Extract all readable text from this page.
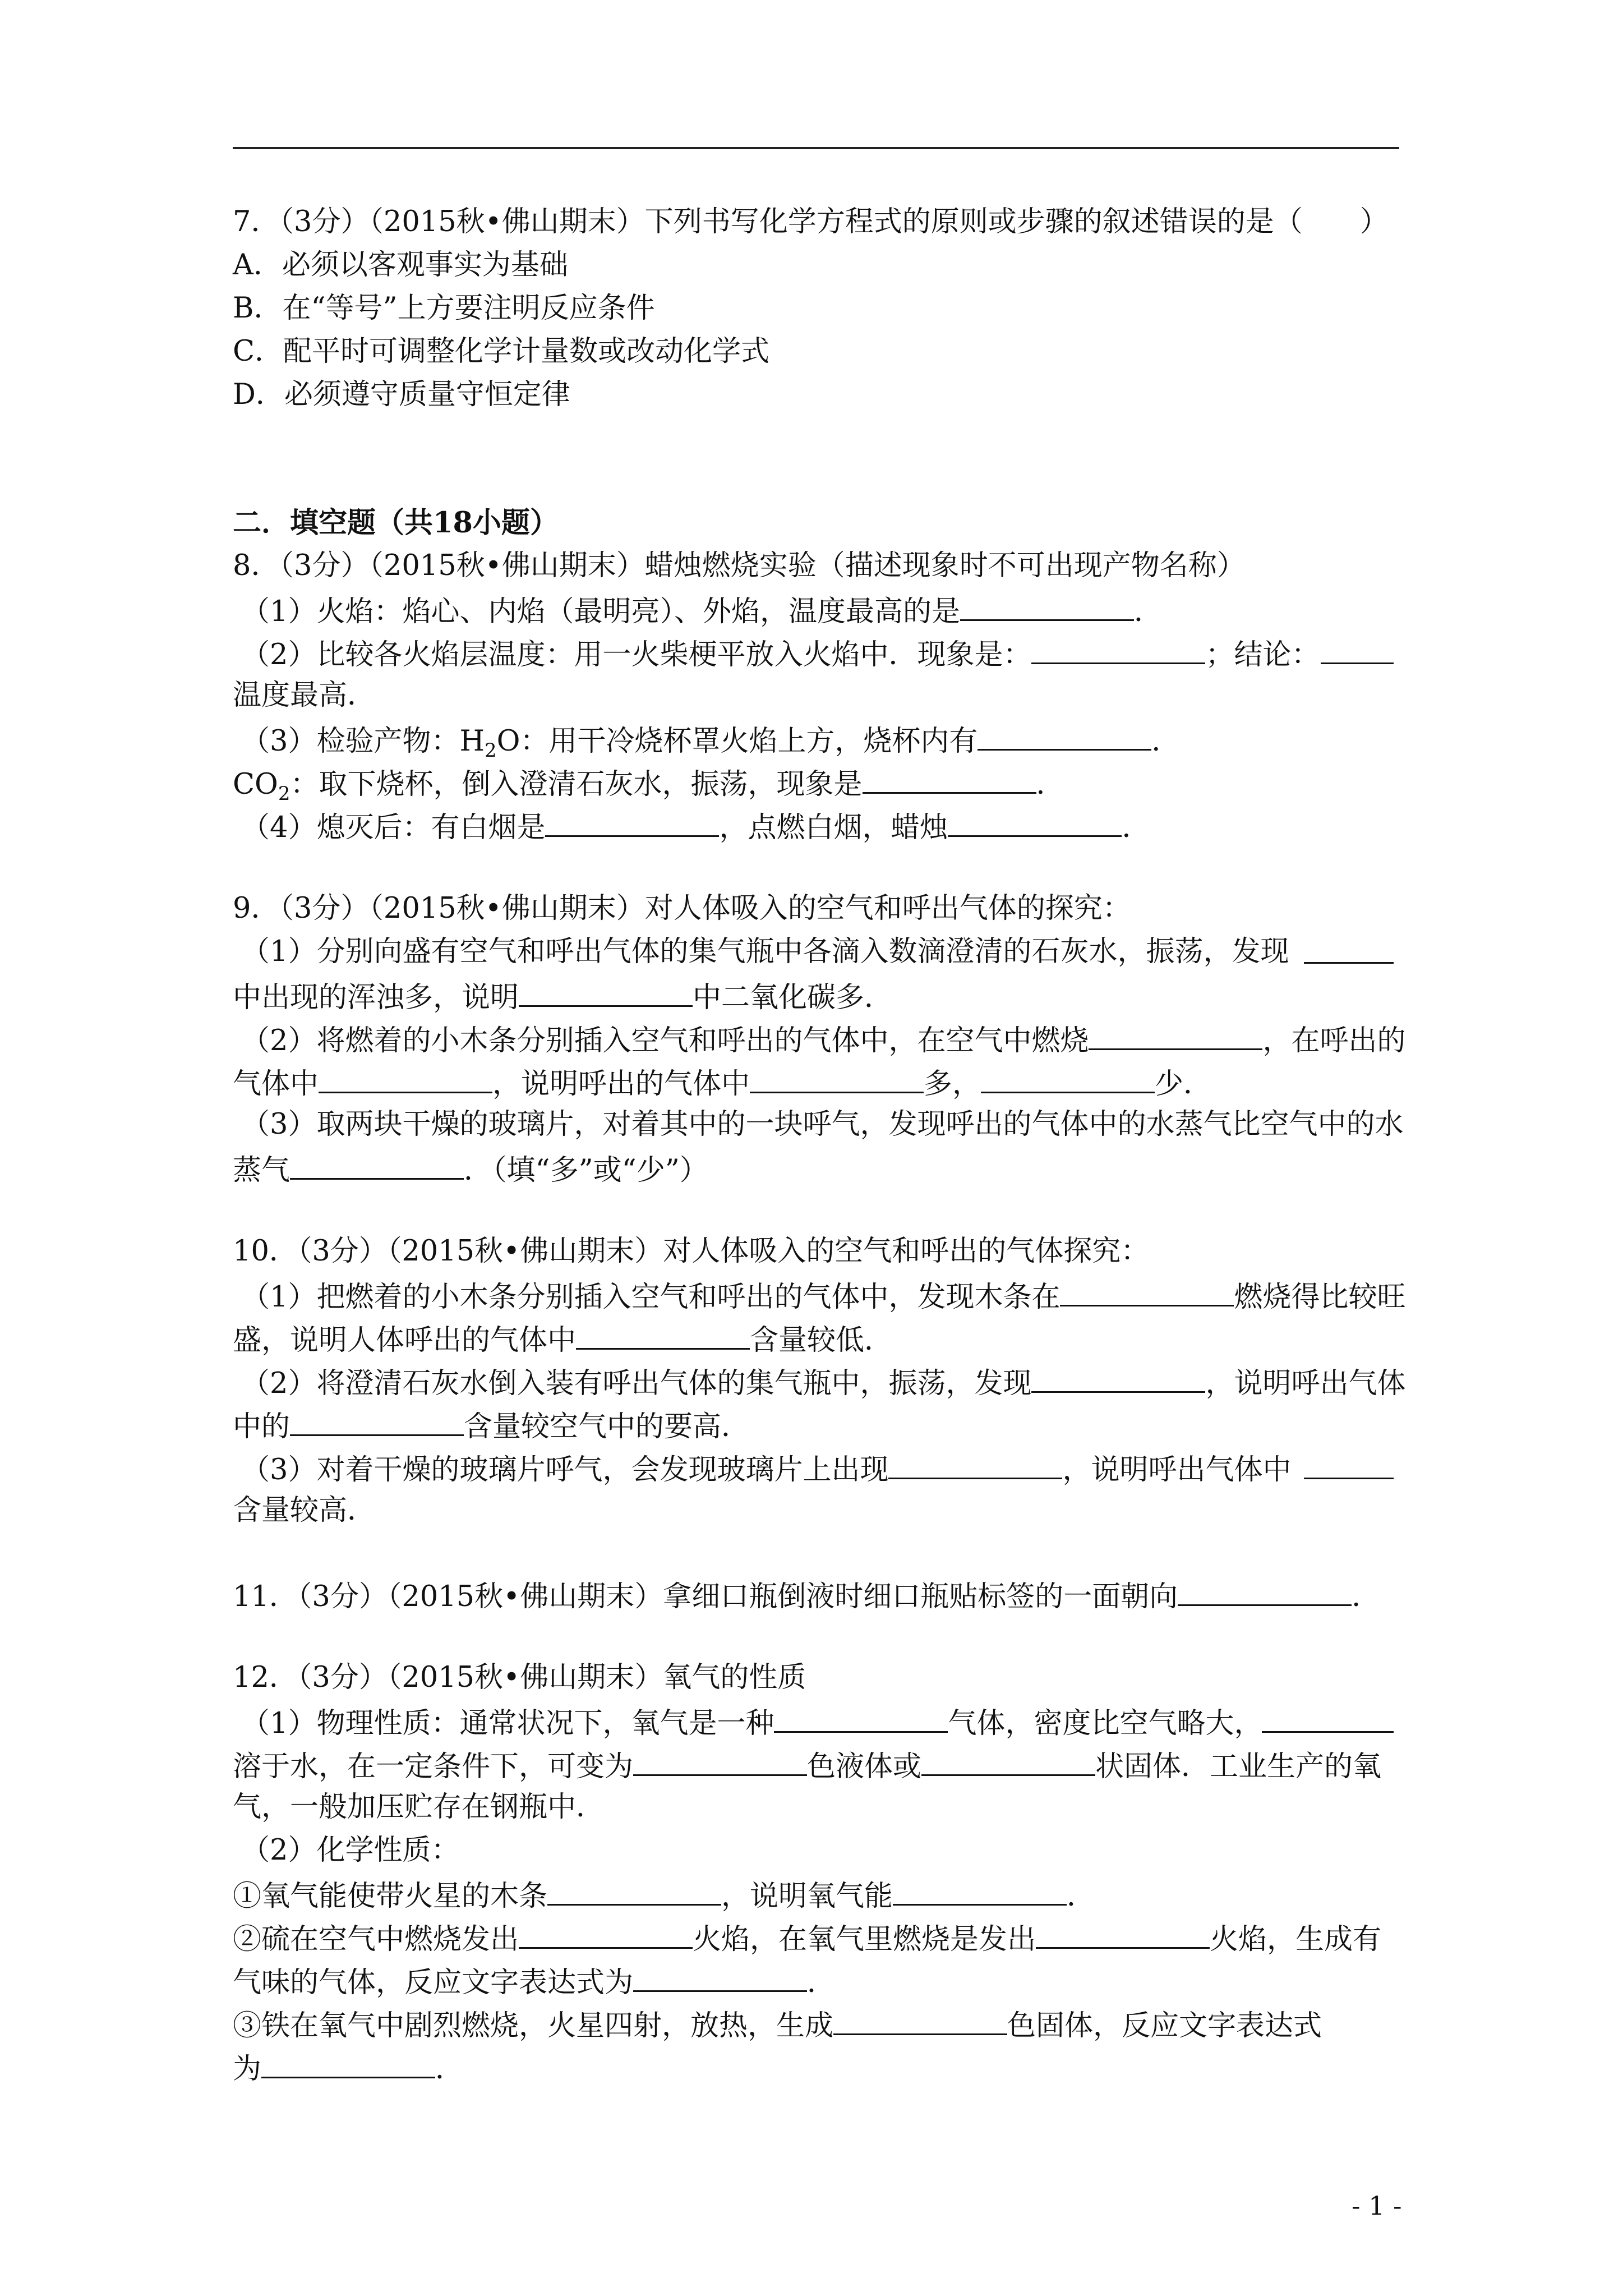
7．（3分）（2015秋•佛山期末）下列书写化学方程式的原则或步骤的叙述错误的是（　　）
A．必须以客观事实为基础
B．在“等号”上方要注明反应条件
C．配平时可调整化学计量数或改动化学式
D．必须遵守质量守恒定律
二．填空题（共18小题）
8．（3分）（2015秋•佛山期末）蜡烛燃烧实验（描述现象时不可出现产物名称）
（1）火焰：焰心、内焰（最明亮）、外焰，温度最高的是	．
（2）比较各火焰层温度：用一火柴梗平放入火焰中．现象是：	；结论：
温度最高．
（3）检验产物：$H_2O$：用干冷烧杯罩火焰上方，烧杯内有	．
$CO_2$：取下烧杯，倒入澄清石灰水，振荡，现象是	．
（4）熄灭后：有白烟是	，点燃白烟，蜡烛	．
9．（3分）（2015秋•佛山期末）对人体吸入的空气和呼出气体的探究：
（1）分别向盛有空气和呼出气体的集气瓶中各滴入数滴澄清的石灰水，振荡，发现
中出现的浑浊多，说明	中二氧化碳多．
（2）将燃着的小木条分别插入空气和呼出的气体中，在空气中燃烧	，在呼出的
气体中	，说明呼出的气体中	多，	少．
（3）取两块干燥的玻璃片，对着其中的一块呼气，发现呼出的气体中的水蒸气比空气中的水
蒸气	．（填“多”或“少”）
10．（3分）（2015秋•佛山期末）对人体吸入的空气和呼出的气体探究：
（1）把燃着的小木条分别插入空气和呼出的气体中，发现木条在	燃烧得比较旺
盛，说明人体呼出的气体中	含量较低．
（2）将澄清石灰水倒入装有呼出气体的集气瓶中，振荡，发现	，说明呼出气体
中的	含量较空气中的要高．
（3）对着干燥的玻璃片呼气，会发现玻璃片上出现	，说明呼出气体中
含量较高．
11．（3分）（2015秋•佛山期末）拿细口瓶倒液时细口瓶贴标签的一面朝向	．
12．（3分）（2015秋•佛山期末）氧气的性质
（1）物理性质：通常状况下，氧气是一种	气体，密度比空气略大，
溶于水，在一定条件下，可变为	色液体或	状固体．工业生产的氧
气，一般加压贮存在钢瓶中．
（2）化学性质：
①氧气能使带火星的木条	，说明氧气能	．
②硫在空气中燃烧发出	火焰，在氧气里燃烧是发出	火焰，生成有
气味的气体，反应文字表达式为	．
③铁在氧气中剧烈燃烧，火星四射，放热，生成	色固体，反应文字表达式
为	．
- 1 -
